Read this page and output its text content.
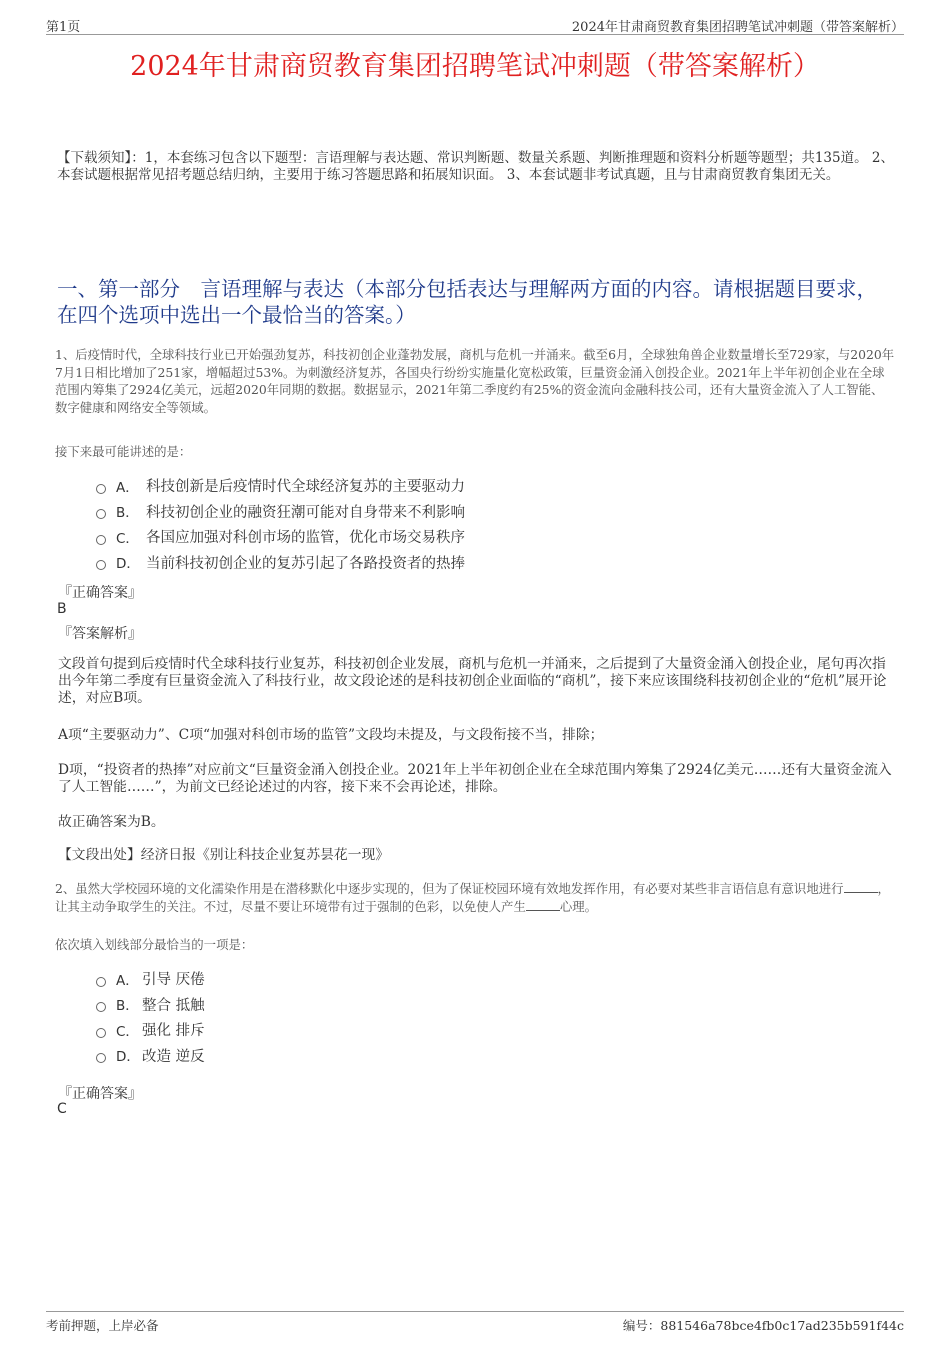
第1页	2024年甘肃商贸教育集团招聘笔试冲刺题（带答案解析）
2024年甘肃商贸教育集团招聘笔试冲刺题（带答案解析）
【下载须知】：1，本套练习包含以下题型：言语理解与表达题、常识判断题、数量关系题、判断推理题和资料分析题等题型；共135道。 2、本套试题根据常见招考题总结归纳，主要用于练习答题思路和拓展知识面。 3、本套试题非考试真题，且与甘肃商贸教育集团无关。
一、第一部分　言语理解与表达（本部分包括表达与理解两方面的内容。请根据题目要求，在四个选项中选出一个最恰当的答案。）
1、后疫情时代，全球科技行业已开始强劲复苏，科技初创企业蓬勃发展，商机与危机一并涌来。截至6月，全球独角兽企业数量增长至729家，与2020年7月1日相比增加了251家，增幅超过53%。为刺激经济复苏，各国央行纷纷实施量化宽松政策，巨量资金涌入创投企业。2021年上半年初创企业在全球范围内筹集了2924亿美元，远超2020年同期的数据。数据显示，2021年第二季度约有25%的资金流向金融科技公司，还有大量资金流入了人工智能、数字健康和网络安全等领域。
接下来最可能讲述的是：
A． 科技创新是后疫情时代全球经济复苏的主要驱动力
B． 科技初创企业的融资狂潮可能对自身带来不利影响
C． 各国应加强对科创市场的监管，优化市场交易秩序
D． 当前科技初创企业的复苏引起了各路投资者的热捧
『正确答案』
B
『答案解析』

文段首句提到后疫情时代全球科技行业复苏，科技初创企业发展，商机与危机一并涌来，之后提到了大量资金涌入创投企业，尾句再次指出今年第二季度有巨量资金流入了科技行业，故文段论述的是科技初创企业面临的“商机”，接下来应该围绕科技初创企业的“危机”展开论述，对应B项。

A项“主要驱动力”、C项“加强对科创市场的监管”文段均未提及，与文段衔接不当，排除；

D项，“投资者的热捧”对应前文“巨量资金涌入创投企业。2021年上半年初创企业在全球范围内筹集了2924亿美元……还有大量资金流入了人工智能……”，为前文已经论述过的内容，接下来不会再论述，排除。

故正确答案为B。

【文段出处】经济日报《别让科技企业复苏昙花一现》

2、虽然大学校园环境的文化濡染作用是在潜移默化中逐步实现的，但为了保证校园环境有效地发挥作用，有必要对某些非言语信息有意识地进行	，让其主动争取学生的关注。不过，尽量不要让环境带有过于强制的色彩，以免使人产生	心理。
依次填入划线部分最恰当的一项是：
A． 引导 厌倦
B． 整合 抵触
C． 强化 排斥
D． 改造 逆反
『正确答案』
C
考前押题，上岸必备	编号：881546a78bce4fb0c17ad235b591f44c
